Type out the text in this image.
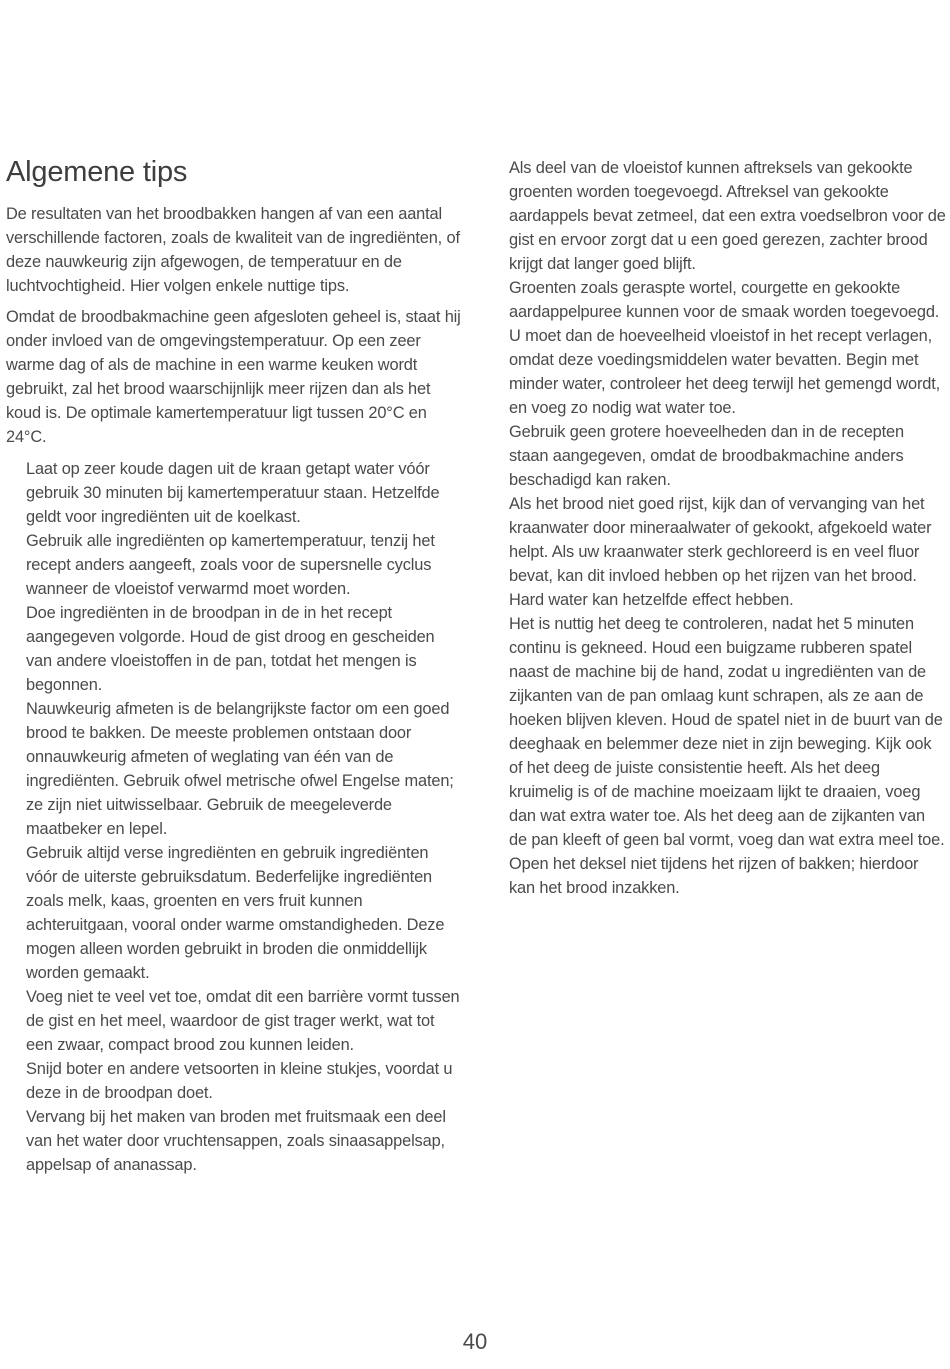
Algemene tips

De resultaten van het broodbakken hangen af van een aantal verschillende factoren, zoals de kwaliteit van de ingrediënten, of deze nauwkeurig zijn afgewogen, de temperatuur en de luchtvochtigheid. Hier volgen enkele nuttige tips.

Omdat de broodbakmachine geen afgesloten geheel is, staat hij onder invloed van de omgevingstemperatuur. Op een zeer warme dag of als de machine in een warme keuken wordt gebruikt, zal het brood waarschijnlijk meer rijzen dan als het koud is. De optimale kamertemperatuur ligt tussen 20°C en 24°C.

Laat op zeer koude dagen uit de kraan getapt water vóór gebruik 30 minuten bij kamertemperatuur staan. Hetzelfde geldt voor ingrediënten uit de koelkast.

Gebruik alle ingrediënten op kamertemperatuur, tenzij het recept anders aangeeft, zoals voor de supersnelle cyclus wanneer de vloeistof verwarmd moet worden.

Doe ingrediënten in de broodpan in de in het recept aangegeven volgorde. Houd de gist droog en gescheiden van andere vloeistoffen in de pan, totdat het mengen is begonnen.

Nauwkeurig afmeten is de belangrijkste factor om een goed brood te bakken. De meeste problemen ontstaan door onnauwkeurig afmeten of weglating van één van de ingrediënten. Gebruik ofwel metrische ofwel Engelse maten; ze zijn niet uitwisselbaar. Gebruik de meegeleverde maatbeker en lepel.

Gebruik altijd verse ingrediënten en gebruik ingrediënten vóór de uiterste gebruiksdatum. Bederfelijke ingrediënten zoals melk, kaas, groenten en vers fruit kunnen achteruitgaan, vooral onder warme omstandigheden. Deze mogen alleen worden gebruikt in broden die onmiddellijk worden gemaakt.

Voeg niet te veel vet toe, omdat dit een barrière vormt tussen de gist en het meel, waardoor de gist trager werkt, wat tot een zwaar, compact brood zou kunnen leiden.

Snijd boter en andere vetsoorten in kleine stukjes, voordat u deze in de broodpan doet.

Vervang bij het maken van broden met fruitsmaak een deel van het water door vruchtensappen, zoals sinaasappelsap, appelsap of ananassap.

Als deel van de vloeistof kunnen aftreksels van gekookte groenten worden toegevoegd. Aftreksel van gekookte aardappels bevat zetmeel, dat een extra voedselbron voor de gist en ervoor zorgt dat u een goed gerezen, zachter brood krijgt dat langer goed blijft.

Groenten zoals geraspte wortel, courgette en gekookte aardappelpuree kunnen voor de smaak worden toegevoegd. U moet dan de hoeveelheid vloeistof in het recept verlagen, omdat deze voedingsmiddelen water bevatten. Begin met minder water, controleer het deeg terwijl het gemengd wordt, en voeg zo nodig wat water toe.

Gebruik geen grotere hoeveelheden dan in de recepten staan aangegeven, omdat de broodbakmachine anders beschadigd kan raken.

Als het brood niet goed rijst, kijk dan of vervanging van het kraanwater door mineraalwater of gekookt, afgekoeld water helpt. Als uw kraanwater sterk gechloreerd is en veel fluor bevat, kan dit invloed hebben op het rijzen van het brood. Hard water kan hetzelfde effect hebben.

Het is nuttig het deeg te controleren, nadat het 5 minuten continu is gekneed. Houd een buigzame rubberen spatel naast de machine bij de hand, zodat u ingrediënten van de zijkanten van de pan omlaag kunt schrapen, als ze aan de hoeken blijven kleven. Houd de spatel niet in de buurt van de deeghaak en belemmer deze niet in zijn beweging. Kijk ook of het deeg de juiste consistentie heeft. Als het deeg kruimelig is of de machine moeizaam lijkt te draaien, voeg dan wat extra water toe. Als het deeg aan de zijkanten van de pan kleeft of geen bal vormt, voeg dan wat extra meel toe.

Open het deksel niet tijdens het rijzen of bakken; hierdoor kan het brood inzakken.

40
